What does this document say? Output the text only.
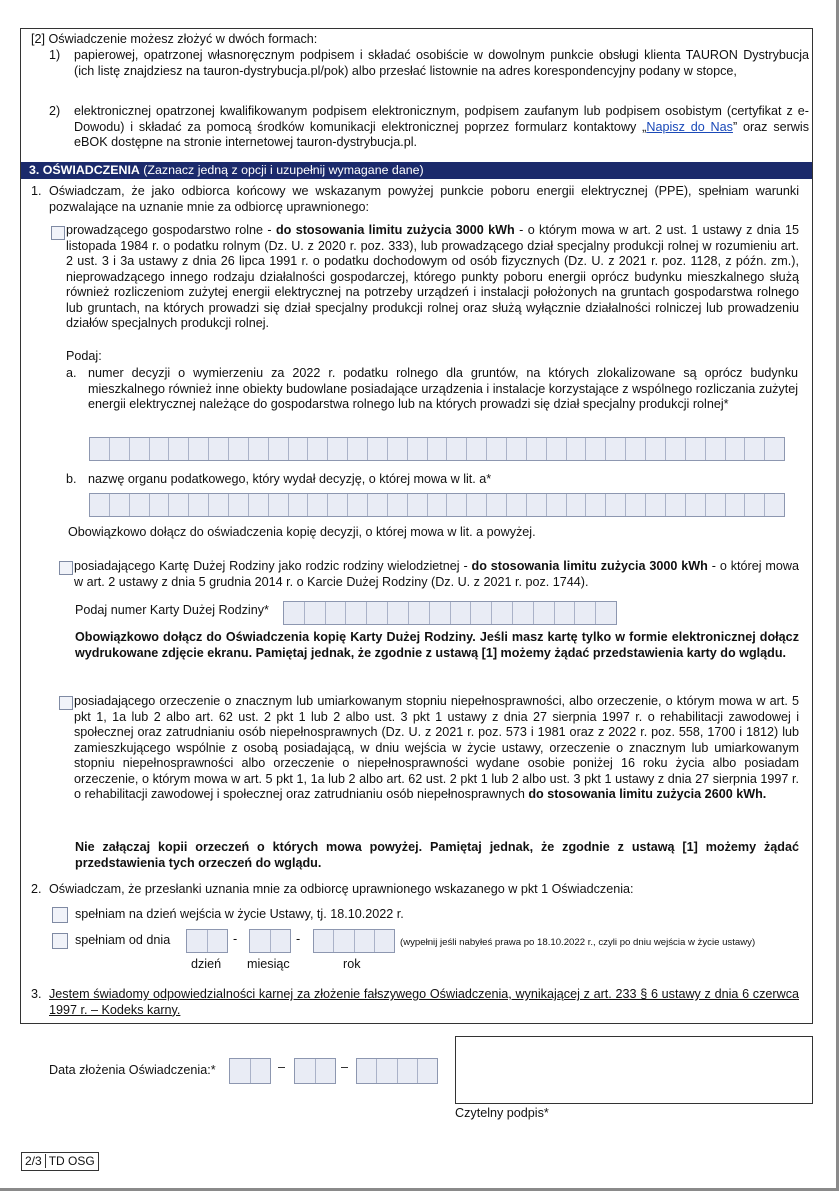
[2] Oświadczenie możesz złożyć w dwóch formach:

1) papierowej, opatrzonej własnoręcznym podpisem i składać osobiście w dowolnym punkcie obsługi klienta TAURON Dystrybucja (ich listę znajdziesz na tauron-dystrybucja.pl/pok) albo przesłać listownie na adres korespondencyjny podany w stopce,

2) elektronicznej opatrzonej kwalifikowanym podpisem elektronicznym, podpisem zaufanym lub podpisem osobistym (certyfikat z e-Dowodu) i składać za pomocą środków komunikacji elektronicznej poprzez formularz kontaktowy „Napisz do Nas” oraz serwis eBOK dostępne na stronie internetowej tauron-dystrybucja.pl.

3. OŚWIADCZENIA (Zaznacz jedną z opcji i uzupełnij wymagane dane)
1. Oświadczam, że jako odbiorca końcowy we wskazanym powyżej punkcie poboru energii elektrycznej (PPE), spełniam warunki pozwalające na uznanie mnie za odbiorcę uprawnionego:

prowadzącego gospodarstwo rolne - do stosowania limitu zużycia 3000 kWh - o którym mowa w art. 2 ust. 1 ustawy z dnia 15 listopada 1984 r. o podatku rolnym (Dz. U. z 2020 r. poz. 333), lub prowadzącego dział specjalny produkcji rolnej w rozumieniu art. 2 ust. 3 i 3a ustawy z dnia 26 lipca 1991 r. o podatku dochodowym od osób fizycznych (Dz. U. z 2021 r. poz. 1128, z późn. zm.), nieprowadzącego innego rodzaju działalności gospodarczej, którego punkty poboru energii oprócz budynku mieszkalnego służą również rozliczeniom zużytej energii elektrycznej na potrzeby urządzeń i instalacji położonych na gruntach gospodarstwa rolnego lub gruntach, na których prowadzi się dział specjalny produkcji rolnej oraz służą wyłącznie działalności rolniczej lub prowadzeniu działów specjalnych produkcji rolnej.

Podaj:

a. numer decyzji o wymierzeniu za 2022 r. podatku rolnego dla gruntów, na których zlokalizowane są oprócz budynku mieszkalnego również inne obiekty budowlane posiadające urządzenia i instalacje korzystające z wspólnego rozliczania zużytej energii elektrycznej należące do gospodarstwa rolnego lub na których prowadzi się dział specjalny produkcji rolnej*

b. nazwę organu podatkowego, który wydał decyzję, o której mowa w lit. a*

Obowiązkowo dołącz do oświadczenia kopię decyzji, o której mowa w lit. a powyżej.

posiadającego Kartę Dużej Rodziny jako rodzic rodziny wielodzietnej - do stosowania limitu zużycia 3000 kWh - o której mowa w art. 2 ustawy z dnia 5 grudnia 2014 r. o Karcie Dużej Rodziny (Dz. U. z 2021 r. poz. 1744).

Podaj numer Karty Dużej Rodziny*

Obowiązkowo dołącz do Oświadczenia kopię Karty Dużej Rodziny. Jeśli masz kartę tylko w formie elektronicznej dołącz wydrukowane zdjęcie ekranu. Pamiętaj jednak, że zgodnie z ustawą [1] możemy żądać przedstawienia karty do wglądu.

posiadającego orzeczenie o znacznym lub umiarkowanym stopniu niepełnosprawności, albo orzeczenie, o którym mowa w art. 5 pkt 1, 1a lub 2 albo art. 62 ust. 2 pkt 1 lub 2 albo ust. 3 pkt 1 ustawy z dnia 27 sierpnia 1997 r. o rehabilitacji zawodowej i społecznej oraz zatrudnianiu osób niepełnosprawnych (Dz. U. z 2021 r. poz. 573 i 1981 oraz z 2022 r. poz. 558, 1700 i 1812) lub zamieszkującego wspólnie z osobą posiadającą, w dniu wejścia w życie ustawy, orzeczenie o znacznym lub umiarkowanym stopniu niepełnosprawności albo orzeczenie o niepełnosprawności wydane osobie poniżej 16 roku życia albo posiadam orzeczenie, o którym mowa w art. 5 pkt 1, 1a lub 2 albo art. 62 ust. 2 pkt 1 lub 2 albo ust. 3 pkt 1 ustawy z dnia 27 sierpnia 1997 r. o rehabilitacji zawodowej i społecznej oraz zatrudnianiu osób niepełnosprawnych do stosowania limitu zużycia 2600 kWh.

Nie załączaj kopii orzeczeń o których mowa powyżej. Pamiętaj jednak, że zgodnie z ustawą [1] możemy żądać przedstawienia tych orzeczeń do wglądu.

2. Oświadczam, że przesłanki uznania mnie za odbiorcę uprawnionego wskazanego w pkt 1 Oświadczenia:

spełniam na dzień wejścia w życie Ustawy, tj. 18.10.2022 r.

spełniam od dnia	-	-	(wypełnij jeśli nabyłeś prawa po 18.10.2022 r., czyli po dniu wejścia w życie ustawy)

dzień miesiąc	rok

3. Jestem świadomy odpowiedzialności karnej za złożenie fałszywego Oświadczenia, wynikającej z art. 233 § 6 ustawy z dnia 6 czerwca 1997 r. – Kodeks karny.

Data złożenia Oświadczenia:*	–	–

Czytelny podpis*

2/3 TD OSG
